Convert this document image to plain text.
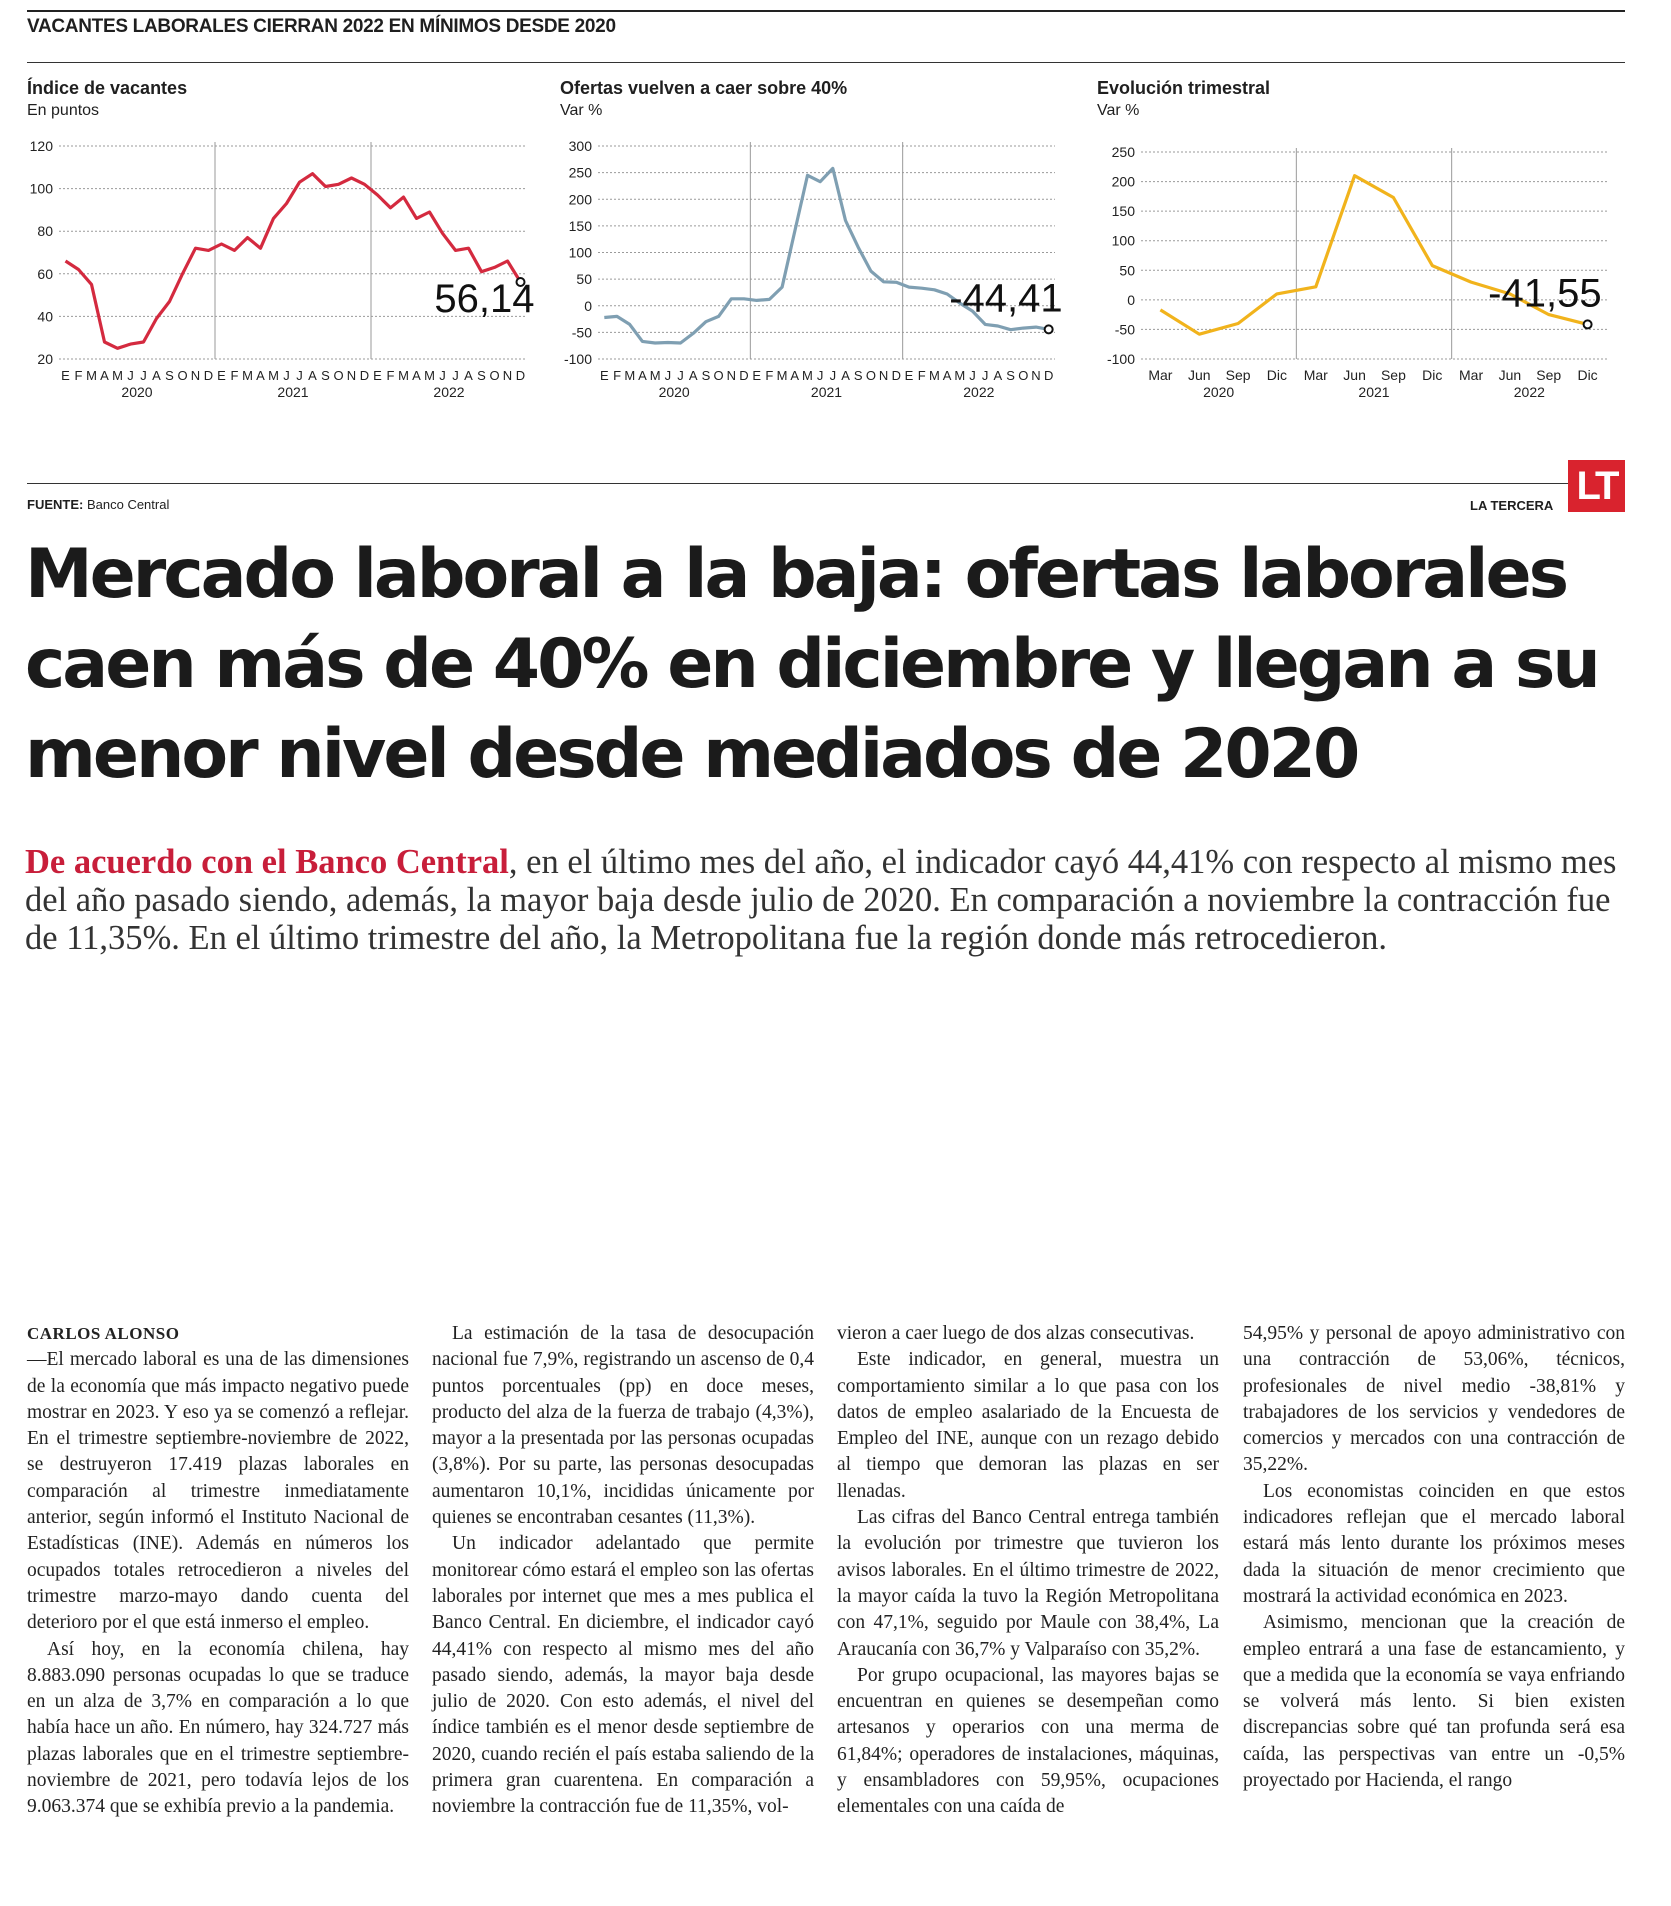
VACANTES LABORALES CIERRAN 2022 EN MÍNIMOS DESDE 2020
Índice de vacantes
En puntos
120
100
80
60
40
20
E F M A M J J A S O N D E F M A M J J A S O N D E F M A M J J A S O N D
2020	2021	2022
56,14
Ofertas vuelven a caer sobre 40%
Var %
300
250
200
150
100
50
0
-50
-100
E F M A M J J A S O N D E F M A M J J A S O N D E F M A M J J A S O N D
2020	2021	2022
-44,41
Evolución trimestral
Var %
250
200
150
100
50
0
-50
-100
Mar Jun Sep Dic Mar Jun Sep Dic Mar Jun Sep Dic
2020	2021	2022
-41,55
FUENTE: Banco Central	LA TERCERA LT
Mercado laboral a la baja: ofertas laborales caen más de 40% en diciembre y llegan a su menor nivel desde mediados de 2020
De acuerdo con el Banco Central, en el último mes del año, el indicador cayó 44,41% con respecto al mismo mes del año pasado siendo, además, la mayor baja desde julio de 2020. En comparación a noviembre la contracción fue de 11,35%. En el último trimestre del año, la Metropolitana fue la región donde más retrocedieron.

CARLOS ALONSO

—El mercado laboral es una de las dimensiones de la economía que más impacto negativo puede mostrar en 2023. Y eso ya se comenzó a reflejar. En el trimestre septiembre-noviembre de 2022, se destruyeron 17.419 plazas laborales en comparación al trimestre inmediatamente anterior, según informó el Instituto Nacional de Estadísticas (INE). Además en números los ocupados totales retrocedieron a niveles del trimestre marzo-mayo dando cuenta del deterioro por el que está inmerso el empleo.

Así hoy, en la economía chilena, hay 8.883.090 personas ocupadas lo que se traduce en un alza de 3,7% en comparación a lo que había hace un año. En número, hay 324.727 más plazas laborales que en el trimestre septiembre-noviembre de 2021, pero todavía lejos de los 9.063.374 que se exhibía previo a la pandemia.

La estimación de la tasa de desocupación nacional fue 7,9%, registrando un ascenso de 0,4 puntos porcentuales (pp) en doce meses, producto del alza de la fuerza de trabajo (4,3%), mayor a la presentada por las personas ocupadas (3,8%). Por su parte, las personas desocupadas aumentaron 10,1%, incididas únicamente por quienes se encontraban cesantes (11,3%).

Un indicador adelantado que permite monitorear cómo estará el empleo son las ofertas laborales por internet que mes a mes publica el Banco Central. En diciembre, el indicador cayó 44,41% con respecto al mismo mes del año pasado siendo, además, la mayor baja desde julio de 2020. Con esto además, el nivel del índice también es el menor desde septiembre de 2020, cuando recién el país estaba saliendo de la primera gran cuarentena. En comparación a noviembre la contracción fue de 11,35%, vol-

vieron a caer luego de dos alzas consecutivas.

Este indicador, en general, muestra un comportamiento similar a lo que pasa con los datos de empleo asalariado de la Encuesta de Empleo del INE, aunque con un rezago debido al tiempo que demoran las plazas en ser llenadas.

Las cifras del Banco Central entrega también la evolución por trimestre que tuvieron los avisos laborales. En el último trimestre de 2022, la mayor caída la tuvo la Región Metropolitana con 47,1%, seguido por Maule con 38,4%, La Araucanía con 36,7% y Valparaíso con 35,2%.

Por grupo ocupacional, las mayores bajas se encuentran en quienes se desempeñan como artesanos y operarios con una merma de 61,84%; operadores de instalaciones, máquinas, y ensambladores con 59,95%, ocupaciones elementales con una caída de

54,95% y personal de apoyo administrativo con una contracción de 53,06%, técnicos, profesionales de nivel medio -38,81% y trabajadores de los servicios y vendedores de comercios y mercados con una contracción de 35,22%.

Los economistas coinciden en que estos indicadores reflejan que el mercado laboral estará más lento durante los próximos meses dada la situación de menor crecimiento que mostrará la actividad económica en 2023.

Asimismo, mencionan que la creación de empleo entrará a una fase de estancamiento, y que a medida que la economía se vaya enfriando se volverá más lento. Si bien existen discrepancias sobre qué tan profunda será esa caída, las perspectivas van entre un -0,5% proyectado por Hacienda, el rango
